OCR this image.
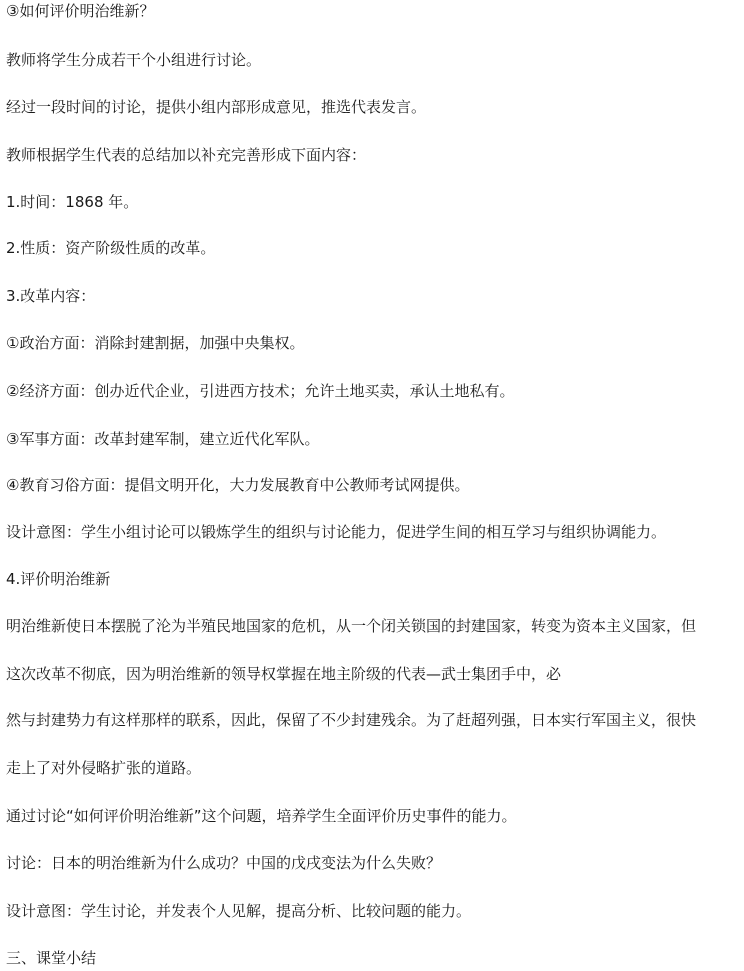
③如何评价明治维新？
教师将学生分成若干个小组进行讨论。
经过一段时间的讨论，提供小组内部形成意见，推选代表发言。
教师根据学生代表的总结加以补充完善形成下面内容：
1.时间：1868 年。
2.性质：资产阶级性质的改革。
3.改革内容：
①政治方面：消除封建割据，加强中央集权。
②经济方面：创办近代企业，引进西方技术；允许土地买卖，承认土地私有。
③军事方面：改革封建军制，建立近代化军队。
④教育习俗方面：提倡文明开化，大力发展教育中公教师考试网提供。
设计意图：学生小组讨论可以锻炼学生的组织与讨论能力，促进学生间的相互学习与组织协调能力。
4.评价明治维新
明治维新使日本摆脱了沦为半殖民地国家的危机，从一个闭关锁国的封建国家，转变为资本主义国家，但
这次改革不彻底，因为明治维新的领导权掌握在地主阶级的代表—武士集团手中，必
然与封建势力有这样那样的联系，因此，保留了不少封建残余。为了赶超列强，日本实行军国主义，很快
走上了对外侵略扩张的道路。
通过讨论“如何评价明治维新”这个问题，培养学生全面评价历史事件的能力。
讨论：日本的明治维新为什么成功？中国的戊戌变法为什么失败？
设计意图：学生讨论，并发表个人见解，提高分析、比较问题的能力。
三、课堂小结
